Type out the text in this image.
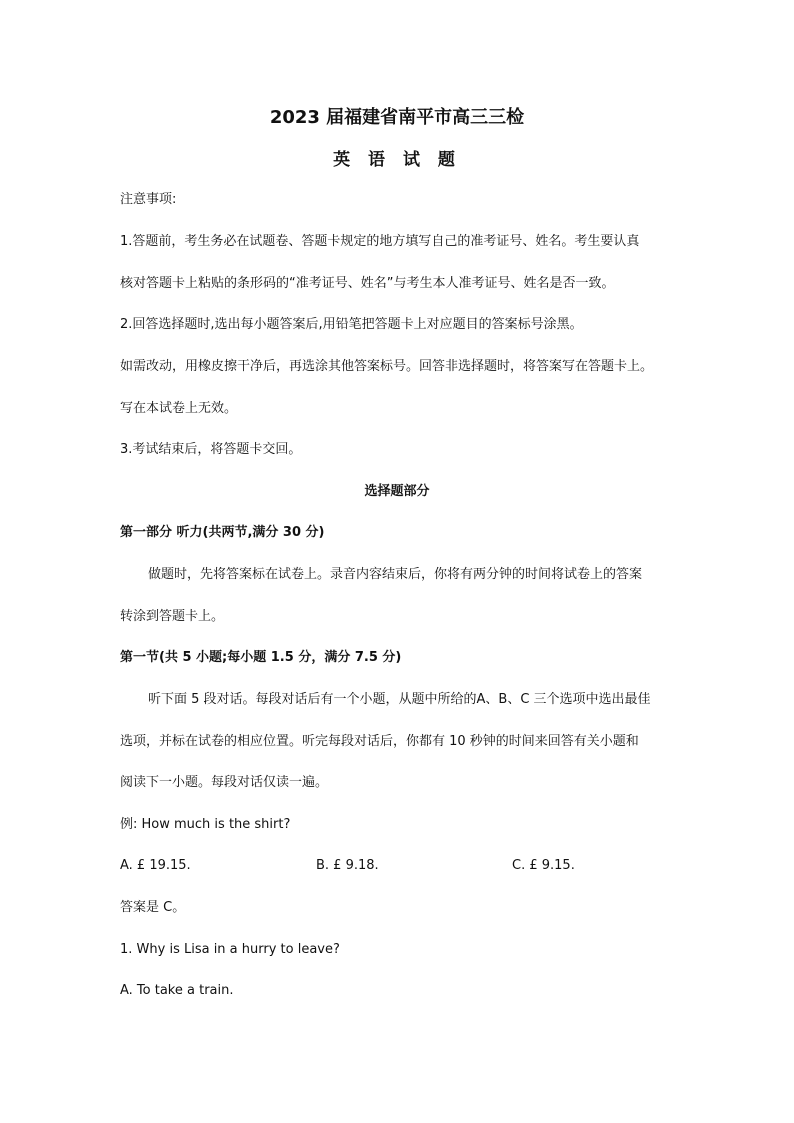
2023 届福建省南平市高三三检
英 语 试 题
注意事项:
1.答题前，考生务必在试题卷、答题卡规定的地方填写自己的准考证号、姓名。考生要认真
核对答题卡上粘贴的条形码的“准考证号、姓名”与考生本人准考证号、姓名是否一致。
2.回答选择题时,选出每小题答案后,用铅笔把答题卡上对应题目的答案标号涂黑。
如需改动，用橡皮擦干净后，再选涂其他答案标号。回答非选择题时，将答案写在答题卡上。
写在本试卷上无效。
3.考试结束后，将答题卡交回。
选择题部分
第一部分 听力(共两节,满分 30 分)
做题时，先将答案标在试卷上。录音内容结束后，你将有两分钟的时间将试卷上的答案
转涂到答题卡上。
第一节(共 5 小题;每小题 1.5 分，满分 7.5 分)
听下面 5 段对话。每段对话后有一个小题，从题中所给的A、B、C 三个选项中选出最佳
选项，并标在试卷的相应位置。听完每段对话后，你都有 10 秒钟的时间来回答有关小题和
阅读下一小题。每段对话仅读一遍。
例: How much is the shirt?
A. £ 19.15.	B. £ 9.18.	C. £ 9.15.
答案是 C。
1. Why is Lisa in a hurry to leave?
A. To take a train.
